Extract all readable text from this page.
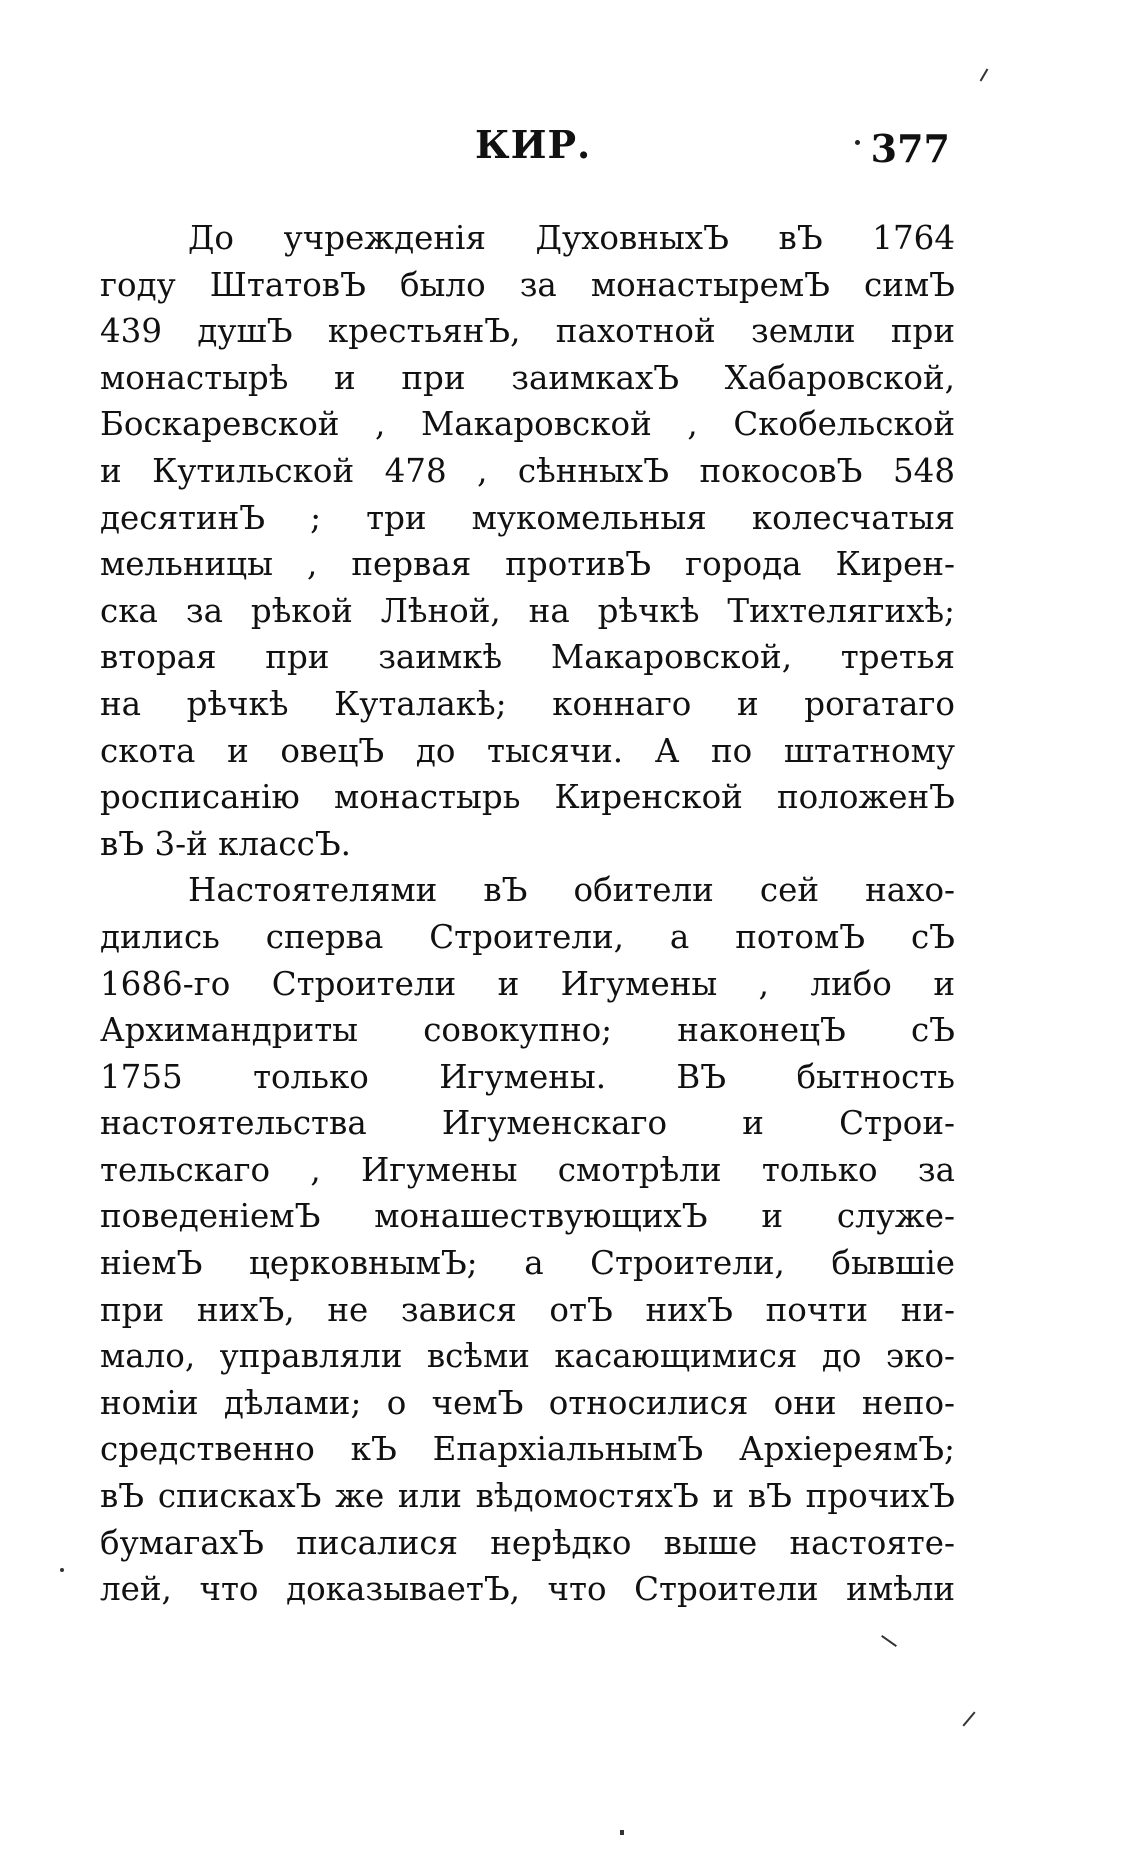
КИР.	377
До учрежденія ДуховныхЪ вЪ 1764
году ШтатовЪ было за монастыремЪ симЪ
439 душЪ крестьянЪ, пахотной земли при
монастырѣ и при заимкахЪ Хабаровской,
Боскаревской , Макаровской , Скобельской
и Кутильской 478 , сѣнныхЪ покосовЪ 548
десятинЪ ; три мукомельныя колесчатыя
мельницы , первая противЪ города Кирен-
ска за рѣкой Лѣной, на рѣчкѣ Тихтелягихѣ;
вторая при заимкѣ Макаровской, третья
на рѣчкѣ Куталакѣ; коннаго и рогатаго
скота и овецЪ до тысячи. А по штатному
росписанію монастырь Киренской положенЪ
вЪ 3-й классЪ.
Настоятелями вЪ обители сей нахо-
дились сперва Строители, а потомЪ сЪ
1686-го Строители и Игумены , либо и
Архимандриты совокупно; наконецЪ сЪ
1755 только Игумены. ВЪ бытность
настоятельства Игуменскаго и Строи-
тельскаго , Игумены смотрѣли только за
поведеніемЪ монашествующихЪ и служе-
ніемЪ церковнымЪ; а Строители, бывшіе
при нихЪ, не завися отЪ нихЪ почти ни-
мало, управляли всѣми касающимися до эко-
номіи дѣлами; о чемЪ относилися они непо-
средственно кЪ ЕпархіальнымЪ АрхіереямЪ;
вЪ спискахЪ же или вѣдомостяхЪ и вЪ прочихЪ
бумагахЪ писалися нерѣдко выше настояте-
лей, что доказываетЪ, что Строители имѣли
